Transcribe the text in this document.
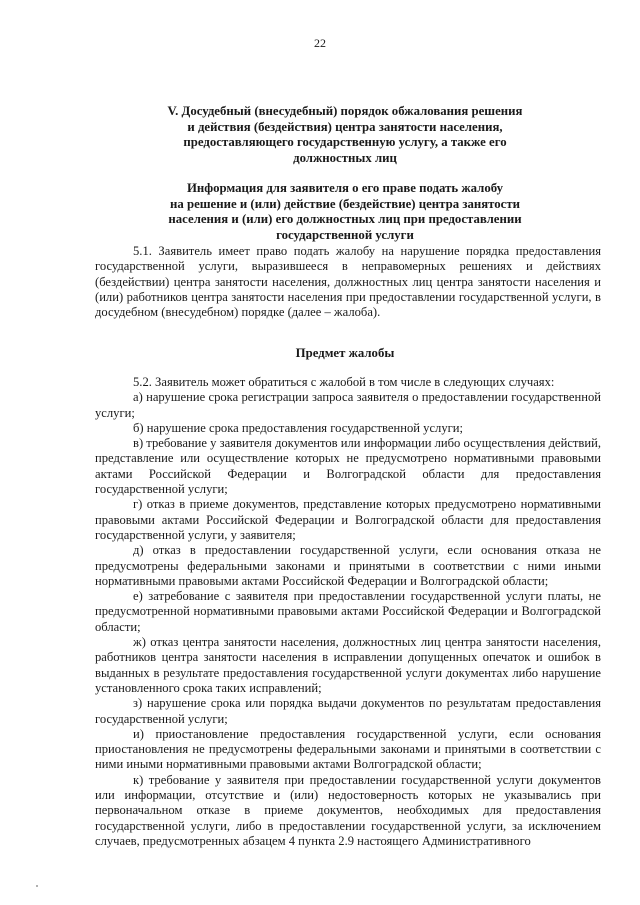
22
V. Досудебный (внесудебный) порядок обжалования решения
и действия (бездействия) центра занятости населения,
предоставляющего государственную услугу, а также его
должностных лиц
Информация для заявителя о его праве подать жалобу
на решение и (или) действие (бездействие) центра занятости
населения и (или) его должностных лиц при предоставлении
государственной услуги

5.1. Заявитель имеет право подать жалобу на нарушение порядка предоставления государственной услуги, выразившееся в неправомерных решениях и действиях (бездействии) центра занятости населения, должностных лиц центра занятости населения и (или) работников центра занятости населения при предоставлении государственной услуги, в досудебном (внесудебном) порядке (далее – жалоба).

Предмет жалобы

5.2. Заявитель может обратиться с жалобой в том числе в следующих случаях:

а) нарушение срока регистрации запроса заявителя о предоставлении государственной услуги;

б) нарушение срока предоставления государственной услуги;

в) требование у заявителя документов или информации либо осуществления действий, представление или осуществление которых не предусмотрено нормативными правовыми актами Российской Федерации и Волгоградской области для предоставления государственной услуги;

г) отказ в приеме документов, представление которых предусмотрено нормативными правовыми актами Российской Федерации и Волгоградской области для предоставления государственной услуги, у заявителя;

д) отказ в предоставлении государственной услуги, если основания отказа не предусмотрены федеральными законами и принятыми в соответствии с ними иными нормативными правовыми актами Российской Федерации и Волгоградской области;

е) затребование с заявителя при предоставлении государственной услуги платы, не предусмотренной нормативными правовыми актами Российской Федерации и Волгоградской области;

ж) отказ центра занятости населения, должностных лиц центра занятости населения, работников центра занятости населения в исправлении допущенных опечаток и ошибок в выданных в результате предоставления государственной услуги документах либо нарушение установленного срока таких исправлений;

з) нарушение срока или порядка выдачи документов по результатам предоставления государственной услуги;

и) приостановление предоставления государственной услуги, если основания приостановления не предусмотрены федеральными законами и принятыми в соответствии с ними иными нормативными правовыми актами Волгоградской области;

к) требование у заявителя при предоставлении государственной услуги документов или информации, отсутствие и (или) недостоверность которых не указывались при первоначальном отказе в приеме документов, необходимых для предоставления государственной услуги, либо в предоставлении государственной услуги, за исключением случаев, предусмотренных абзацем 4 пункта 2.9 настоящего Административного
